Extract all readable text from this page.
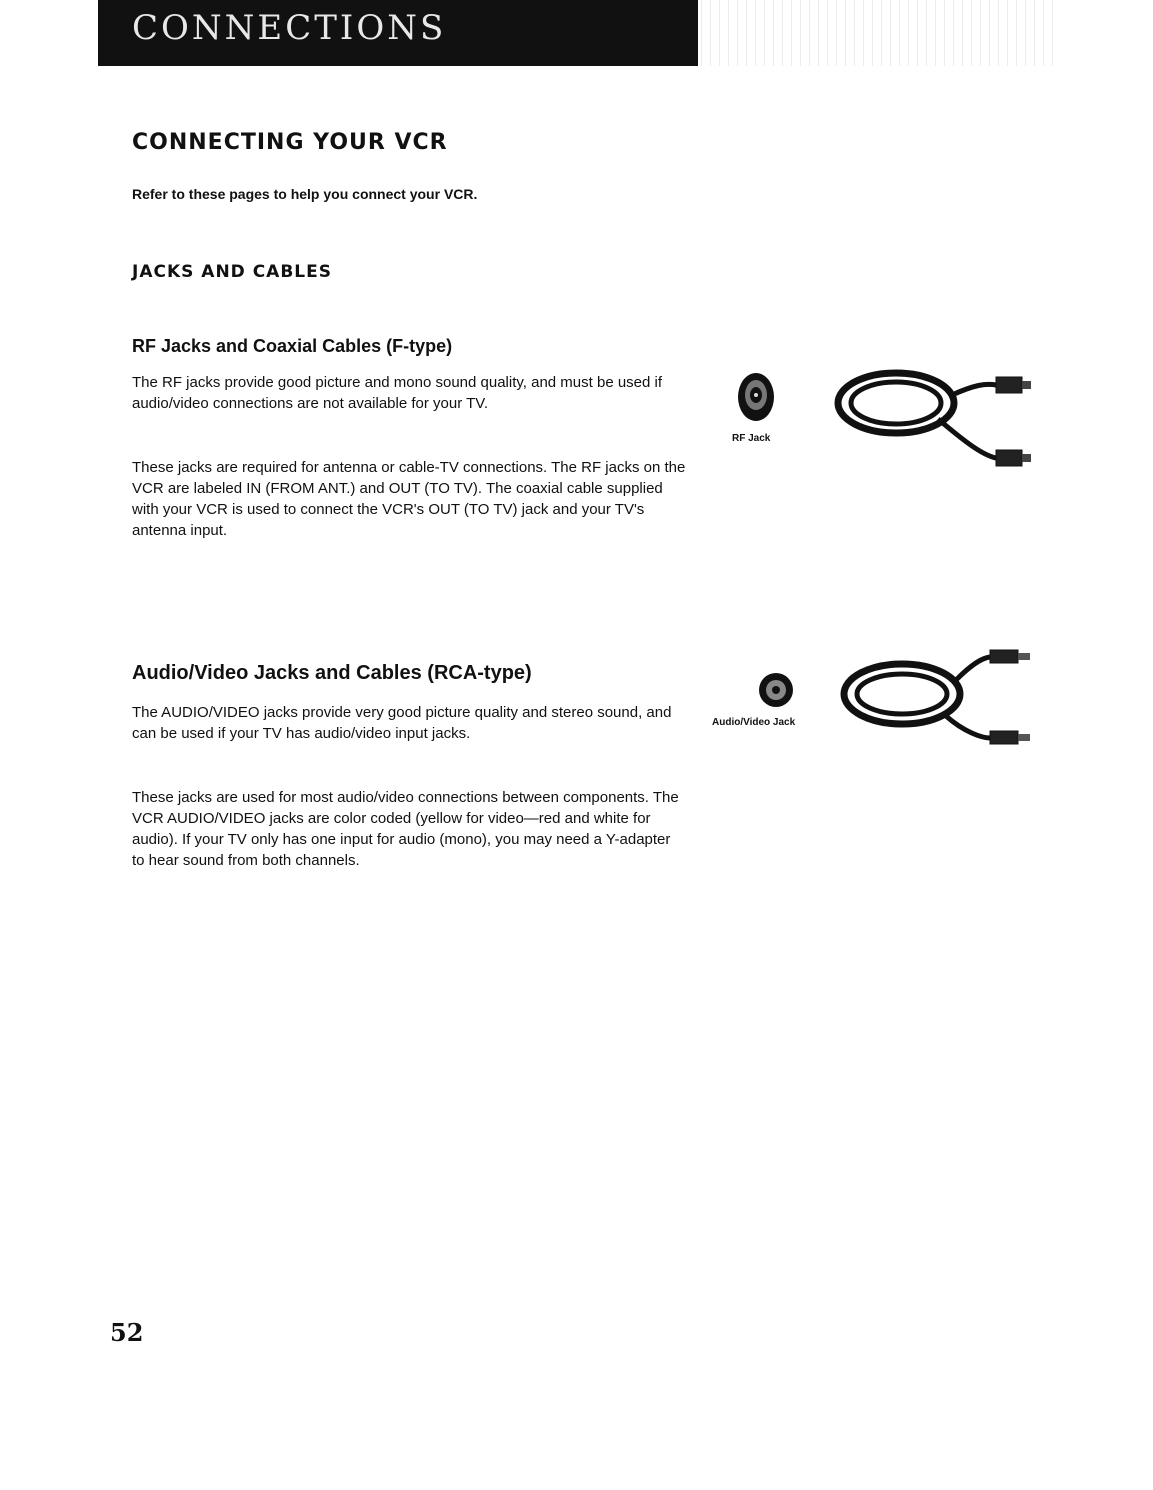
CONNECTIONS
CONNECTING YOUR VCR

Refer to these pages to help you connect your VCR.

JACKS AND CABLES
RF Jacks and Coaxial Cables (F-type)

The RF jacks provide good picture and mono sound quality, and must be used if audio/video connections are not available for your TV.

These jacks are required for antenna or cable-TV connections. The RF jacks on the VCR are labeled IN (FROM ANT.) and OUT (TO TV). The coaxial cable supplied with your VCR is used to connect the VCR's OUT (TO TV) jack and your TV's antenna input.

RF Jack
Audio/Video Jacks and Cables (RCA-type)

The AUDIO/VIDEO jacks provide very good picture quality and stereo sound, and can be used if your TV has audio/video input jacks.

These jacks are used for most audio/video connections between components. The VCR AUDIO/VIDEO jacks are color coded (yellow for video—red and white for audio). If your TV only has one input for audio (mono), you may need a Y-adapter to hear sound from both channels.

Audio/Video Jack

52
